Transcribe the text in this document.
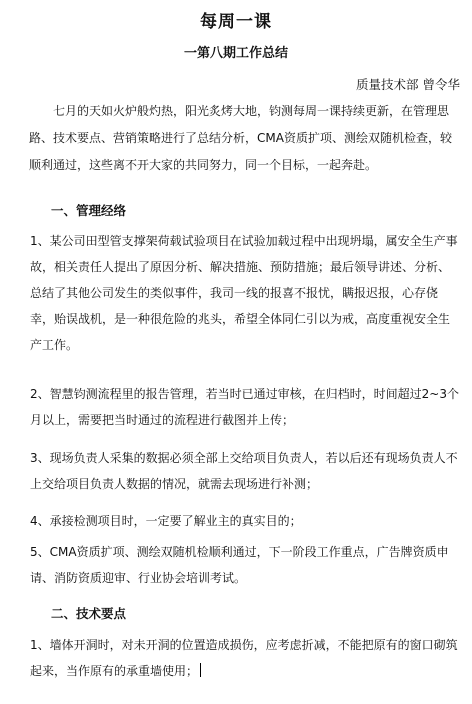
每周一课
一第八期工作总结
质量技术部 曾令华

七月的天如火炉般灼热，阳光炙烤大地，钧测每周一课持续更新，在管理思路、技术要点、营销策略进行了总结分析，CMA资质扩项、测绘双随机检查，较顺利通过，这些离不开大家的共同努力，同一个目标，一起奔赴。

一、管理经络

1、某公司田型管支撑架荷载试验项目在试验加载过程中出现坍塌，属安全生产事故，相关责任人提出了原因分析、解决措施、预防措施；最后领导讲述、分析、总结了其他公司发生的类似事件，我司一线的报喜不报忧，瞒报迟报，心存侥幸，贻误战机，是一种很危险的兆头，希望全体同仁引以为戒，高度重视安全生产工作。

2、智慧钧测流程里的报告管理，若当时已通过审核，在归档时，时间超过2~3个月以上，需要把当时通过的流程进行截图并上传；

3、现场负责人采集的数据必须全部上交给项目负责人，若以后还有现场负责人不上交给项目负责人数据的情况，就需去现场进行补测；

4、承接检测项目时，一定要了解业主的真实目的；

5、CMA资质扩项、测绘双随机检顺利通过，下一阶段工作重点，广告牌资质申请、消防资质迎审、行业协会培训考试。

二、技术要点

1、墙体开洞时，对未开洞的位置造成损伤，应考虑折减，不能把原有的窗口砌筑起来，当作原有的承重墙使用；
